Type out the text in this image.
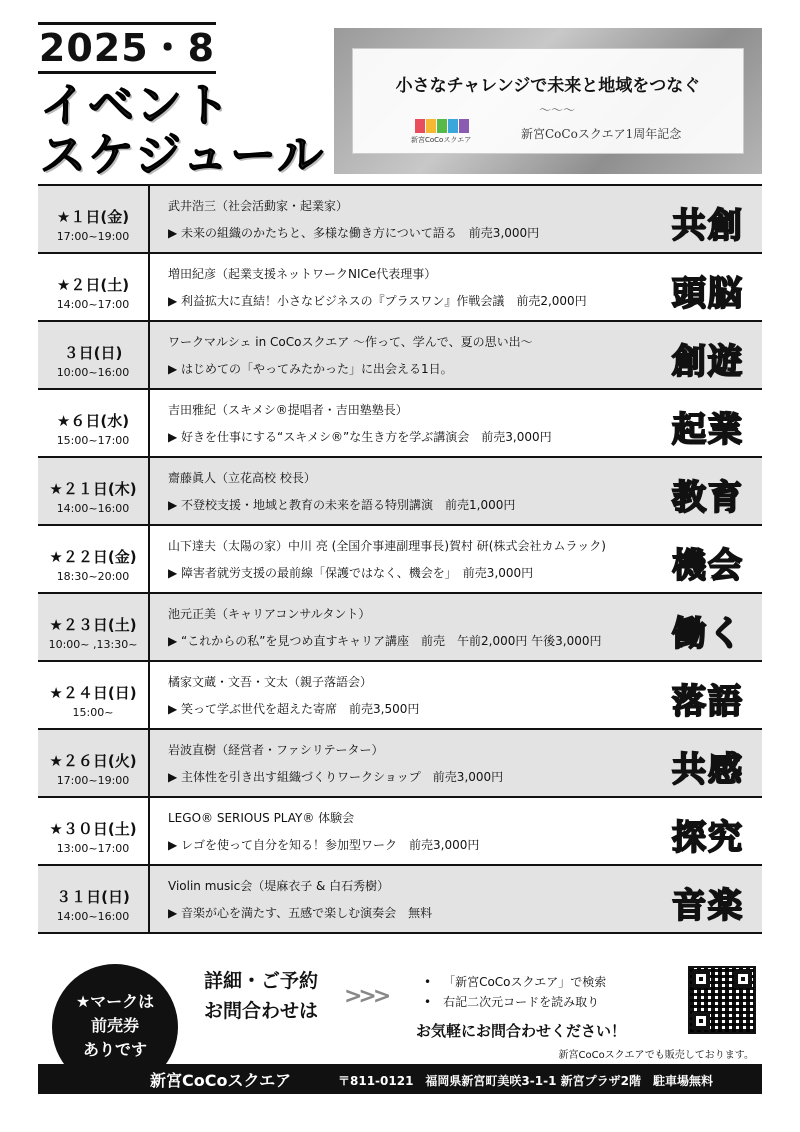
2025・8
イベント
スケジュール
小さなチャレンジで未来と地域をつなぐ
〜〜〜
新宮CoCoスクエア	新宮CoCoスクエア1周年記念
★１日(金)
17:00~19:00
武井浩三（社会活動家・起業家）
▶ 未来の組織のかたちと、多様な働き方について語る　前売3,000円	共創
★２日(土)
14:00~17:00
増田紀彦（起業支援ネットワークNICe代表理事）
▶ 利益拡大に直結！小さなビジネスの『プラスワン』作戦会議　前売2,000円	頭脳
３日(日)
10:00~16:00
ワークマルシェ in CoCoスクエア 〜作って、学んで、夏の思い出〜
▶ はじめての「やってみたかった」に出会える1日。	創遊
★６日(水)
15:00~17:00
吉田雅紀（スキメシ®提唱者・吉田塾塾長）
▶ 好きを仕事にする“スキメシ®”な生き方を学ぶ講演会　前売3,000円	起業
★２１日(木)
14:00~16:00
齋藤眞人（立花高校 校長）
▶ 不登校支援・地域と教育の未来を語る特別講演　前売1,000円	教育
★２２日(金)
18:30~20:00
山下達夫（太陽の家）中川 亮 (全国介事連副理事長)賀村 研(株式会社カムラック)
▶ 障害者就労支援の最前線「保護ではなく、機会を」　前売3,000円	機会
★２３日(土)
10:00~ ,13:30~
池元正美（キャリアコンサルタント）
▶ “これからの私”を見つめ直すキャリア講座　前売　午前2,000円 午後3,000円 働く
★２４日(日)
15:00~
橘家文蔵・文吾・文太（親子落語会）
▶ 笑って学ぶ世代を超えた寄席　前売3,500円	落語
★２６日(火)
17:00~19:00
岩波直樹（経営者・ファシリテーター）
▶ 主体性を引き出す組織づくりワークショップ　前売3,000円	共感
★３０日(土)
13:00~17:00
LEGO® SERIOUS PLAY® 体験会
▶ レゴを使って自分を知る！参加型ワーク　前売3,000円	探究
３１日(日)
14:00~16:00
Violin music会（堤麻衣子 & 白石秀樹）
▶ 音楽が心を満たす、五感で楽しむ演奏会　無料	音楽
★マークは
前売券
ありです
詳細・ご予約
お問合わせは
>>>
• 「新宮CoCoスクエア」で検索
• 右記二次元コードを読み取り
お気軽にお問合わせください！
新宮CoCoスクエアでも販売しております。
新宮CoCoスクエア	〒811-0121　福岡県新宮町美咲3-1-1 新宮プラザ2階　駐車場無料
